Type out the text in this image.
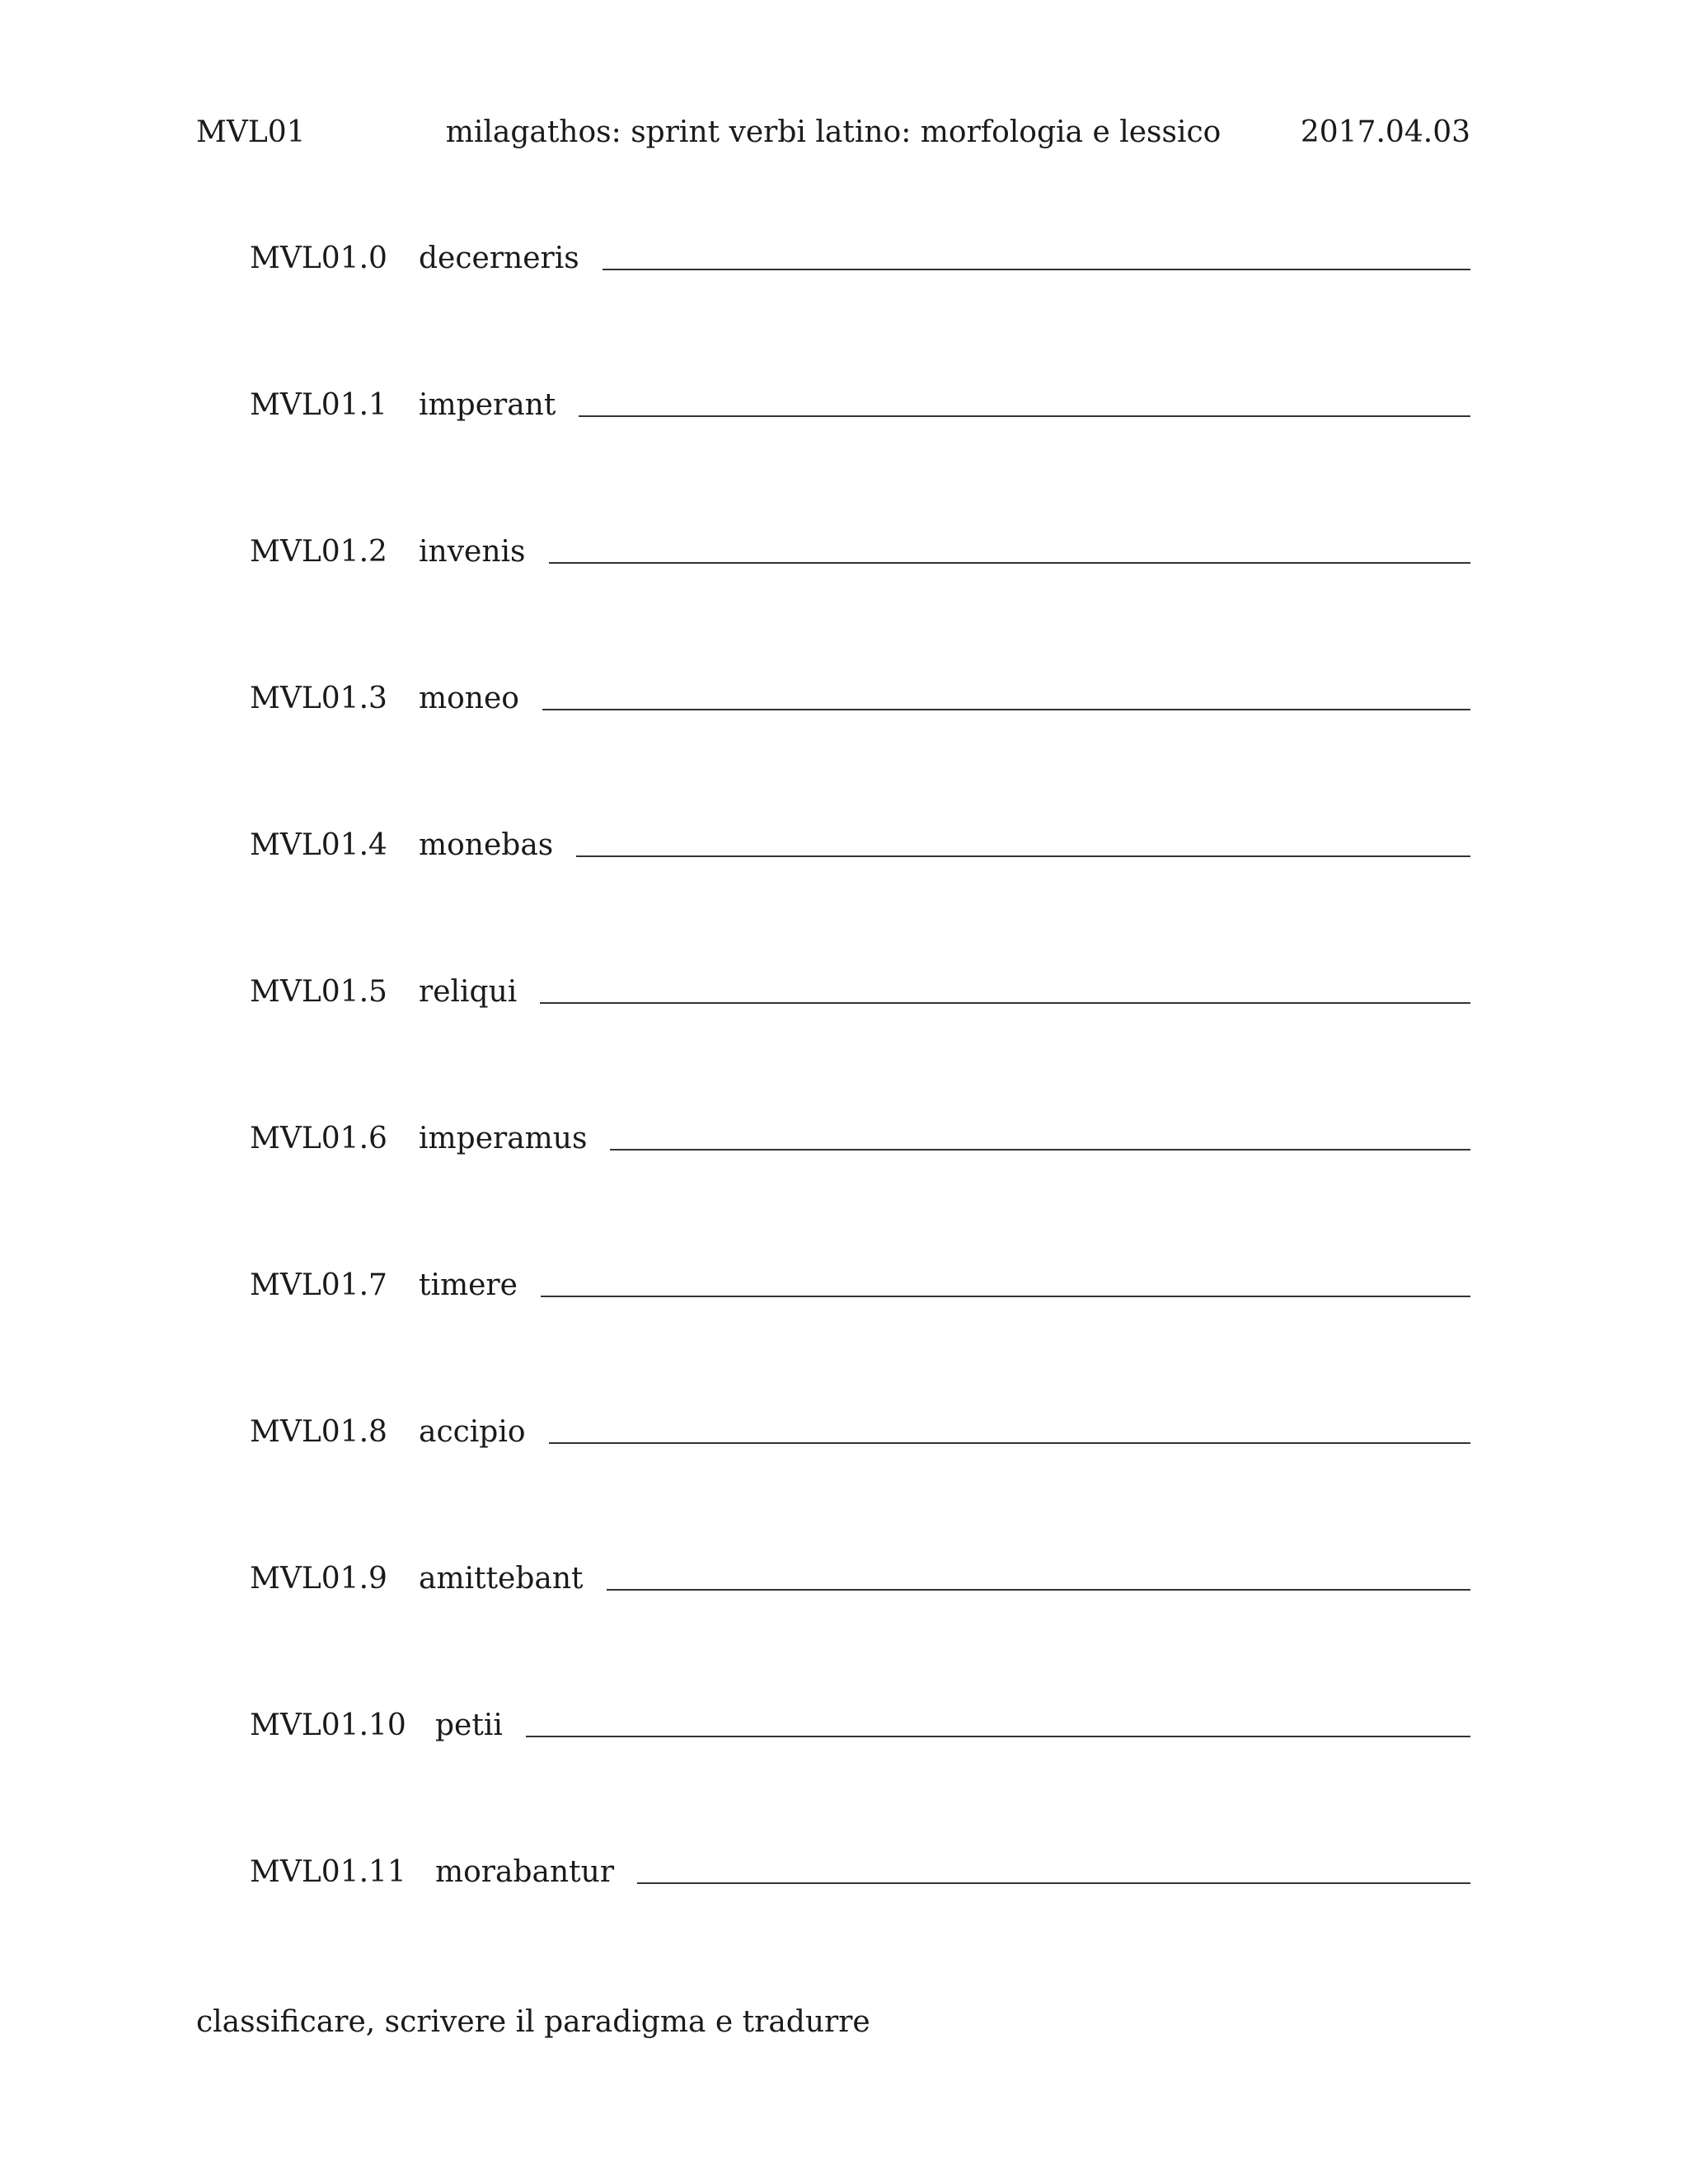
MVL01	milagathos: sprint verbi latino: morfologia e lessico	2017.04.03
MVL01.0	decerneris
MVL01.1	imperant
MVL01.2	invenis
MVL01.3	moneo
MVL01.4	monebas
MVL01.5	reliqui
MVL01.6	imperamus
MVL01.7	timere
MVL01.8	accipio
MVL01.9	amittebant
MVL01.10 petii
MVL01.11 morabantur
classificare, scrivere il paradigma e tradurre
